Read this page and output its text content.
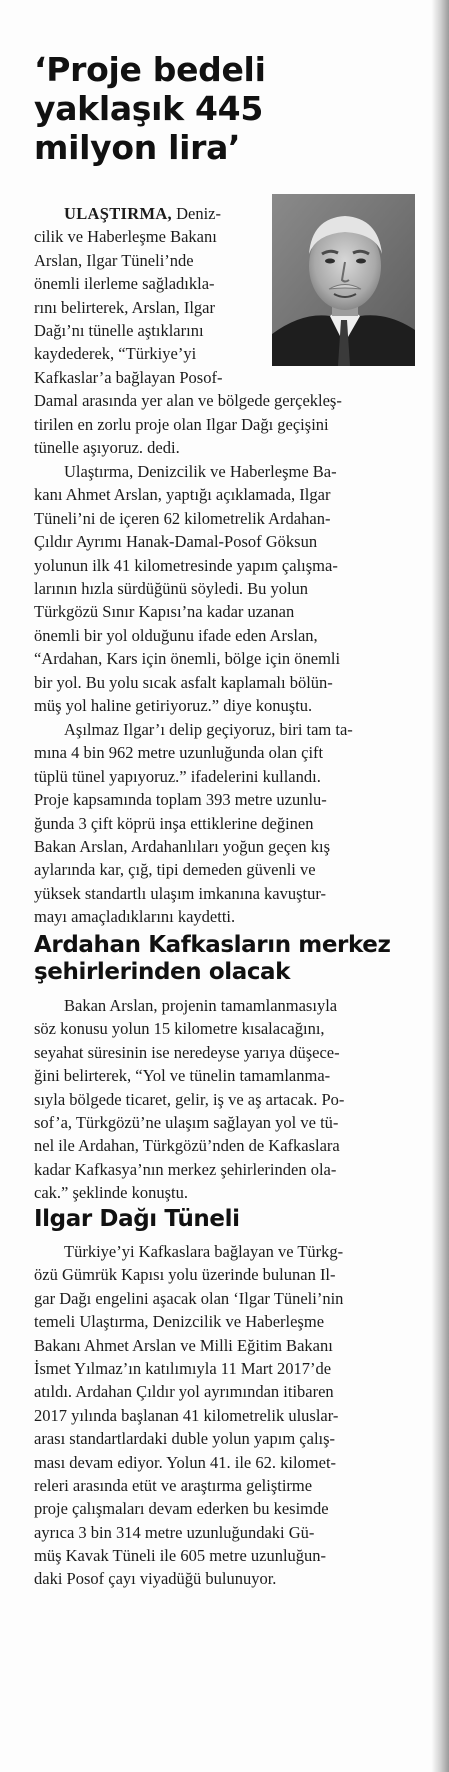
‘Proje bedeli
yaklaşık 445
milyon lira’
ULAŞTIRMA, Deniz-
cilik ve Haberleşme Bakanı
Arslan, Ilgar Tüneli’nde
önemli ilerleme sağladıkla-
rını belirterek, Arslan, Ilgar
Dağı’nı tünelle aştıklarını
kaydederek, “Türkiye’yi
Kafkaslar’a bağlayan Posof-
Damal arasında yer alan ve bölgede gerçekleş-
tirilen en zorlu proje olan Ilgar Dağı geçişini
tünelle aşıyoruz. dedi.
Ulaştırma, Denizcilik ve Haberleşme Ba-
kanı Ahmet Arslan, yaptığı açıklamada, Ilgar
Tüneli’ni de içeren 62 kilometrelik Ardahan-
Çıldır Ayrımı Hanak-Damal-Posof Göksun
yolunun ilk 41 kilometresinde yapım çalışma-
larının hızla sürdüğünü söyledi. Bu yolun
Türkgözü Sınır Kapısı’na kadar uzanan
önemli bir yol olduğunu ifade eden Arslan,
“Ardahan, Kars için önemli, bölge için önemli
bir yol. Bu yolu sıcak asfalt kaplamalı bölün-
müş yol haline getiriyoruz.” diye konuştu.
Aşılmaz Ilgar’ı delip geçiyoruz, biri tam ta-
mına 4 bin 962 metre uzunluğunda olan çift
tüplü tünel yapıyoruz.” ifadelerini kullandı.
Proje kapsamında toplam 393 metre uzunlu-
ğunda 3 çift köprü inşa ettiklerine değinen
Bakan Arslan, Ardahanlıları yoğun geçen kış
aylarında kar, çığ, tipi demeden güvenli ve
yüksek standartlı ulaşım imkanına kavuştur-
mayı amaçladıklarını kaydetti.
Ardahan Kafkasların merkez
şehirlerinden olacak
Bakan Arslan, projenin tamamlanmasıyla
söz konusu yolun 15 kilometre kısalacağını,
seyahat süresinin ise neredeyse yarıya düşece-
ğini belirterek, “Yol ve tünelin tamamlanma-
sıyla bölgede ticaret, gelir, iş ve aş artacak. Po-
sof’a, Türkgözü’ne ulaşım sağlayan yol ve tü-
nel ile Ardahan, Türkgözü’nden de Kafkaslara
kadar Kafkasya’nın merkez şehirlerinden ola-
cak.” şeklinde konuştu.
Ilgar Dağı Tüneli
Türkiye’yi Kafkaslara bağlayan ve Türkg-
özü Gümrük Kapısı yolu üzerinde bulunan Il-
gar Dağı engelini aşacak olan ‘Ilgar Tüneli’nin
temeli Ulaştırma, Denizcilik ve Haberleşme
Bakanı Ahmet Arslan ve Milli Eğitim Bakanı
İsmet Yılmaz’ın katılımıyla 11 Mart 2017’de
atıldı. Ardahan Çıldır yol ayrımından itibaren
2017 yılında başlanan 41 kilometrelik uluslar-
arası standartlardaki duble yolun yapım çalış-
ması devam ediyor. Yolun 41. ile 62. kilomet-
releri arasında etüt ve araştırma geliştirme
proje çalışmaları devam ederken bu kesimde
ayrıca 3 bin 314 metre uzunluğundaki Gü-
müş Kavak Tüneli ile 605 metre uzunluğun-
daki Posof çayı viyadüğü bulunuyor.
